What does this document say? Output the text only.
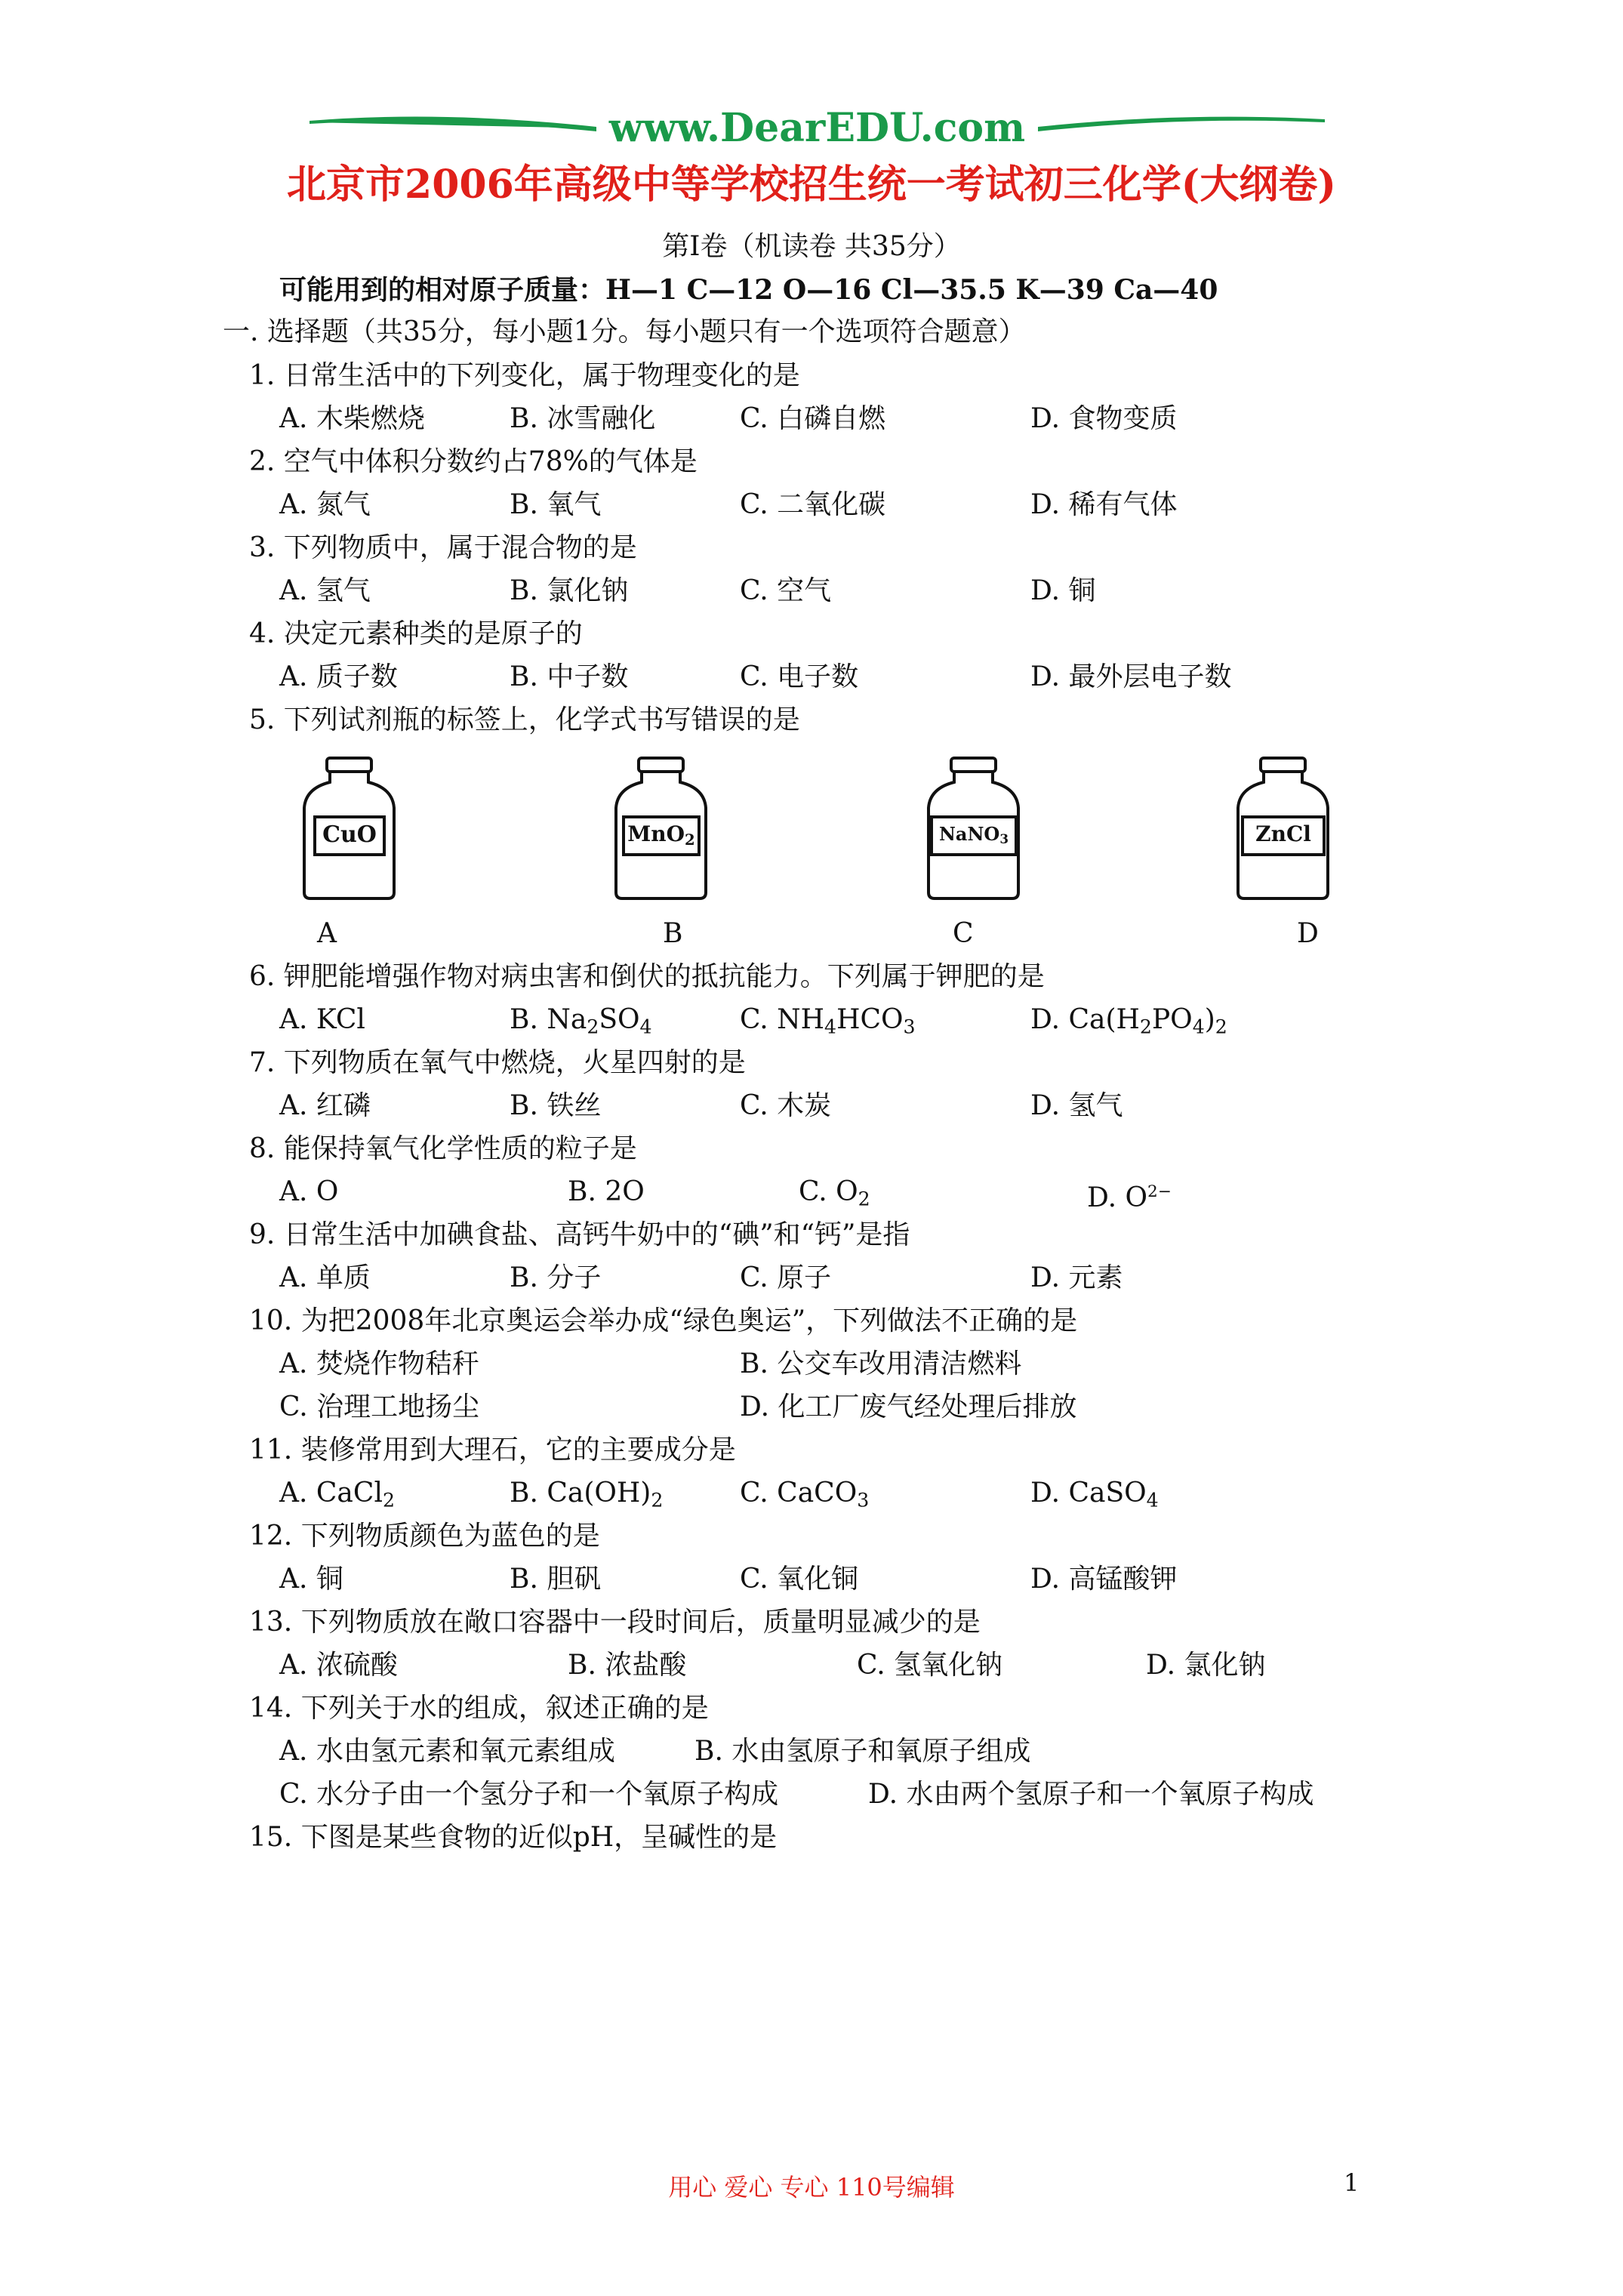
www.DearEDU.com
北京市2006年高级中等学校招生统一考试初三化学(大纲卷)
第Ⅰ卷（机读卷 共35分）
可能用到的相对原子质量：H—1 C—12 O—16 Cl—35.5 K—39 Ca—40
一. 选择题（共35分，每小题1分。每小题只有一个选项符合题意）
1. 日常生活中的下列变化，属于物理变化的是
A. 木柴燃烧	B. 冰雪融化	C. 白磷自燃	D. 食物变质
2. 空气中体积分数约占78%的气体是
A. 氮气	B. 氧气	C. 二氧化碳	D. 稀有气体
3. 下列物质中，属于混合物的是
A. 氢气	B. 氯化钠	C. 空气	D. 铜
4. 决定元素种类的是原子的
A. 质子数	B. 中子数	C. 电子数	D. 最外层电子数
5. 下列试剂瓶的标签上，化学式书写错误的是
CuO	MnO$_2$	NaNO$_3$	ZnCl
A	B	C	D
6. 钾肥能增强作物对病虫害和倒伏的抵抗能力。下列属于钾肥的是
A. KCl	B. $Na_2SO_4$	C. $NH_4HCO_3$	D. $Ca(H_2PO_4)_2$
7. 下列物质在氧气中燃烧，火星四射的是
A. 红磷	B. 铁丝	C. 木炭	D. 氢气
8. 能保持氧气化学性质的粒子是
A. O	B. 2O	C. $O_2$	D. $O^{2-}$
9. 日常生活中加碘食盐、高钙牛奶中的“碘”和“钙”是指
A. 单质	B. 分子	C. 原子	D. 元素
10. 为把2008年北京奥运会举办成“绿色奥运”，下列做法不正确的是
A. 焚烧作物秸秆	B. 公交车改用清洁燃料
C. 治理工地扬尘	D. 化工厂废气经处理后排放
11. 装修常用到大理石，它的主要成分是
A. CaCl$_2$	B. $Ca(OH)_2$	C. CaCO$_3$	D. CaSO$_4$
12. 下列物质颜色为蓝色的是
A. 铜	B. 胆矾	C. 氧化铜	D. 高锰酸钾
13. 下列物质放在敞口容器中一段时间后，质量明显减少的是
A. 浓硫酸	B. 浓盐酸	C. 氢氧化钠	D. 氯化钠
14. 下列关于水的组成，叙述正确的是
A. 水由氢元素和氧元素组成	B. 水由氢原子和氧原子组成
C. 水分子由一个氢分子和一个氧原子构成	D. 水由两个氢原子和一个氧原子构成
15. 下图是某些食物的近似pH，呈碱性的是
用心 爱心 专心 110号编辑	1
